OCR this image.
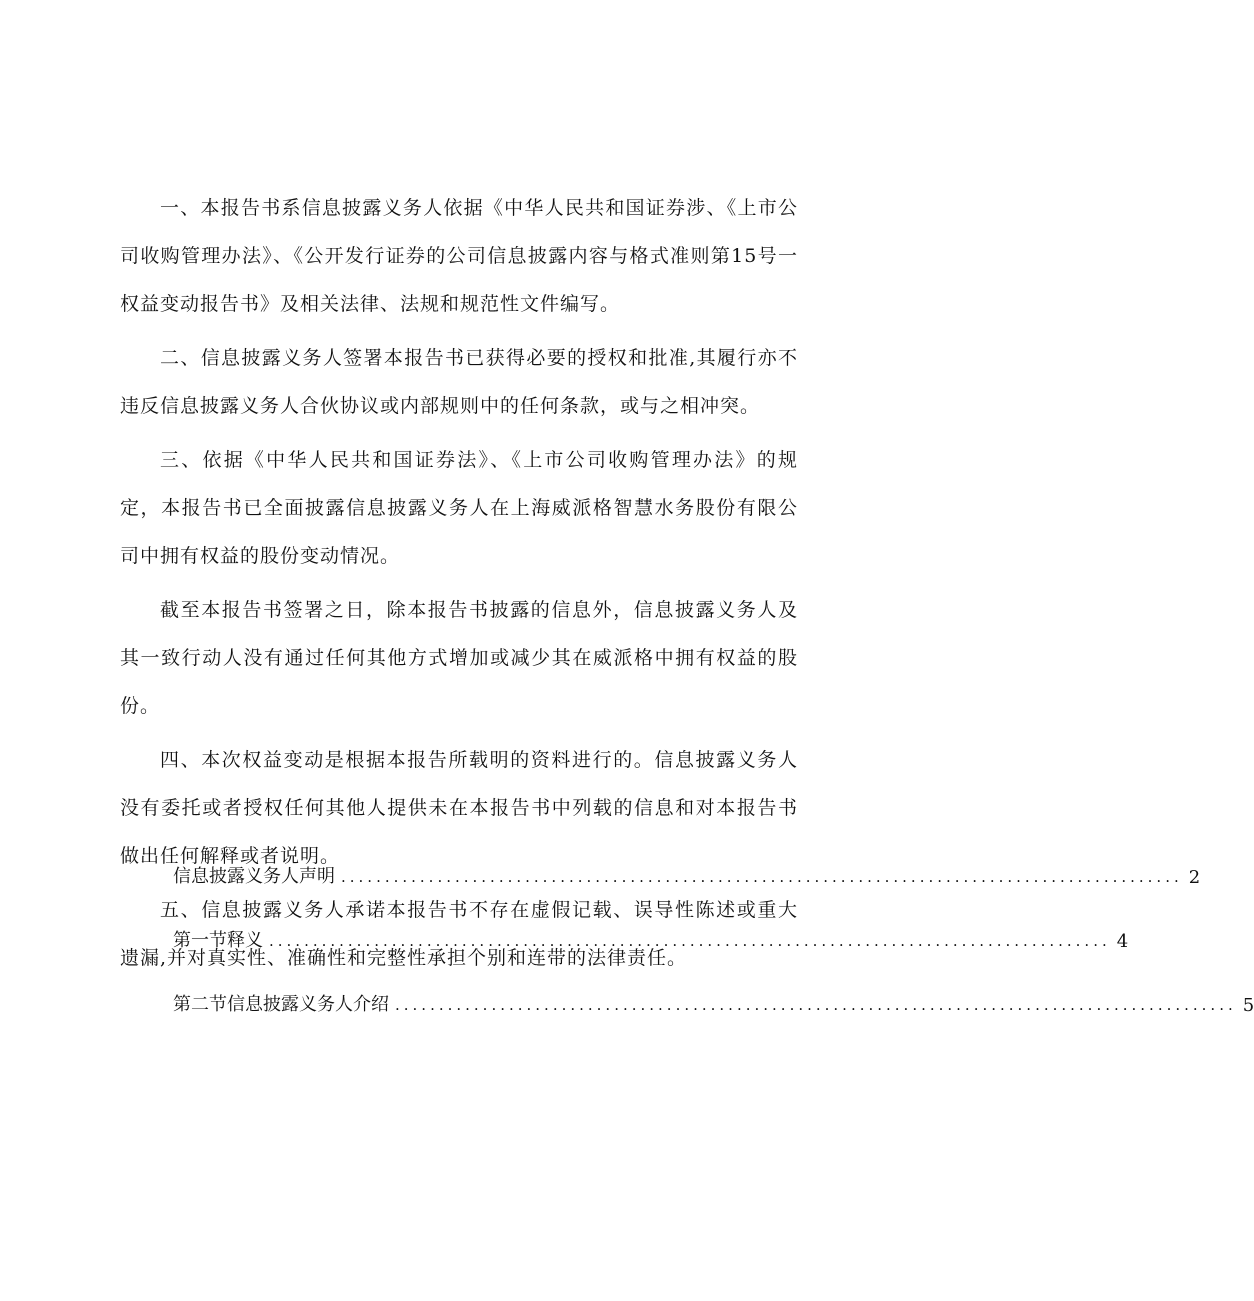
一、本报告书系信息披露义务人依据《中华人民共和国证券涉、《上市公司收购管理办法》、《公开发行证券的公司信息披露内容与格式准则第15号一权益变动报告书》及相关法律、法规和规范性文件编写。

二、信息披露义务人签署本报告书已获得必要的授权和批准,其履行亦不违反信息披露义务人合伙协议或内部规则中的任何条款，或与之相冲突。

三、依据《中华人民共和国证券法》、《上市公司收购管理办法》的规定，本报告书已全面披露信息披露义务人在上海威派格智慧水务股份有限公司中拥有权益的股份变动情况。

截至本报告书签署之日，除本报告书披露的信息外，信息披露义务人及其一致行动人没有通过任何其他方式增加或减少其在威派格中拥有权益的股份。

四、本次权益变动是根据本报告所载明的资料进行的。信息披露义务人没有委托或者授权任何其他人提供未在本报告书中列载的信息和对本报告书做出任何解释或者说明。

五、信息披露义务人承诺本报告书不存在虚假记载、误导性陈述或重大遗漏,并对真实性、准确性和完整性承担个别和连带的法律责任。

信息披露义务人声明 ................................................................................................ 2
第一节释义 ................................................................................................ 4
第二节信息披露义务人介绍 ................................................................................................ 5
